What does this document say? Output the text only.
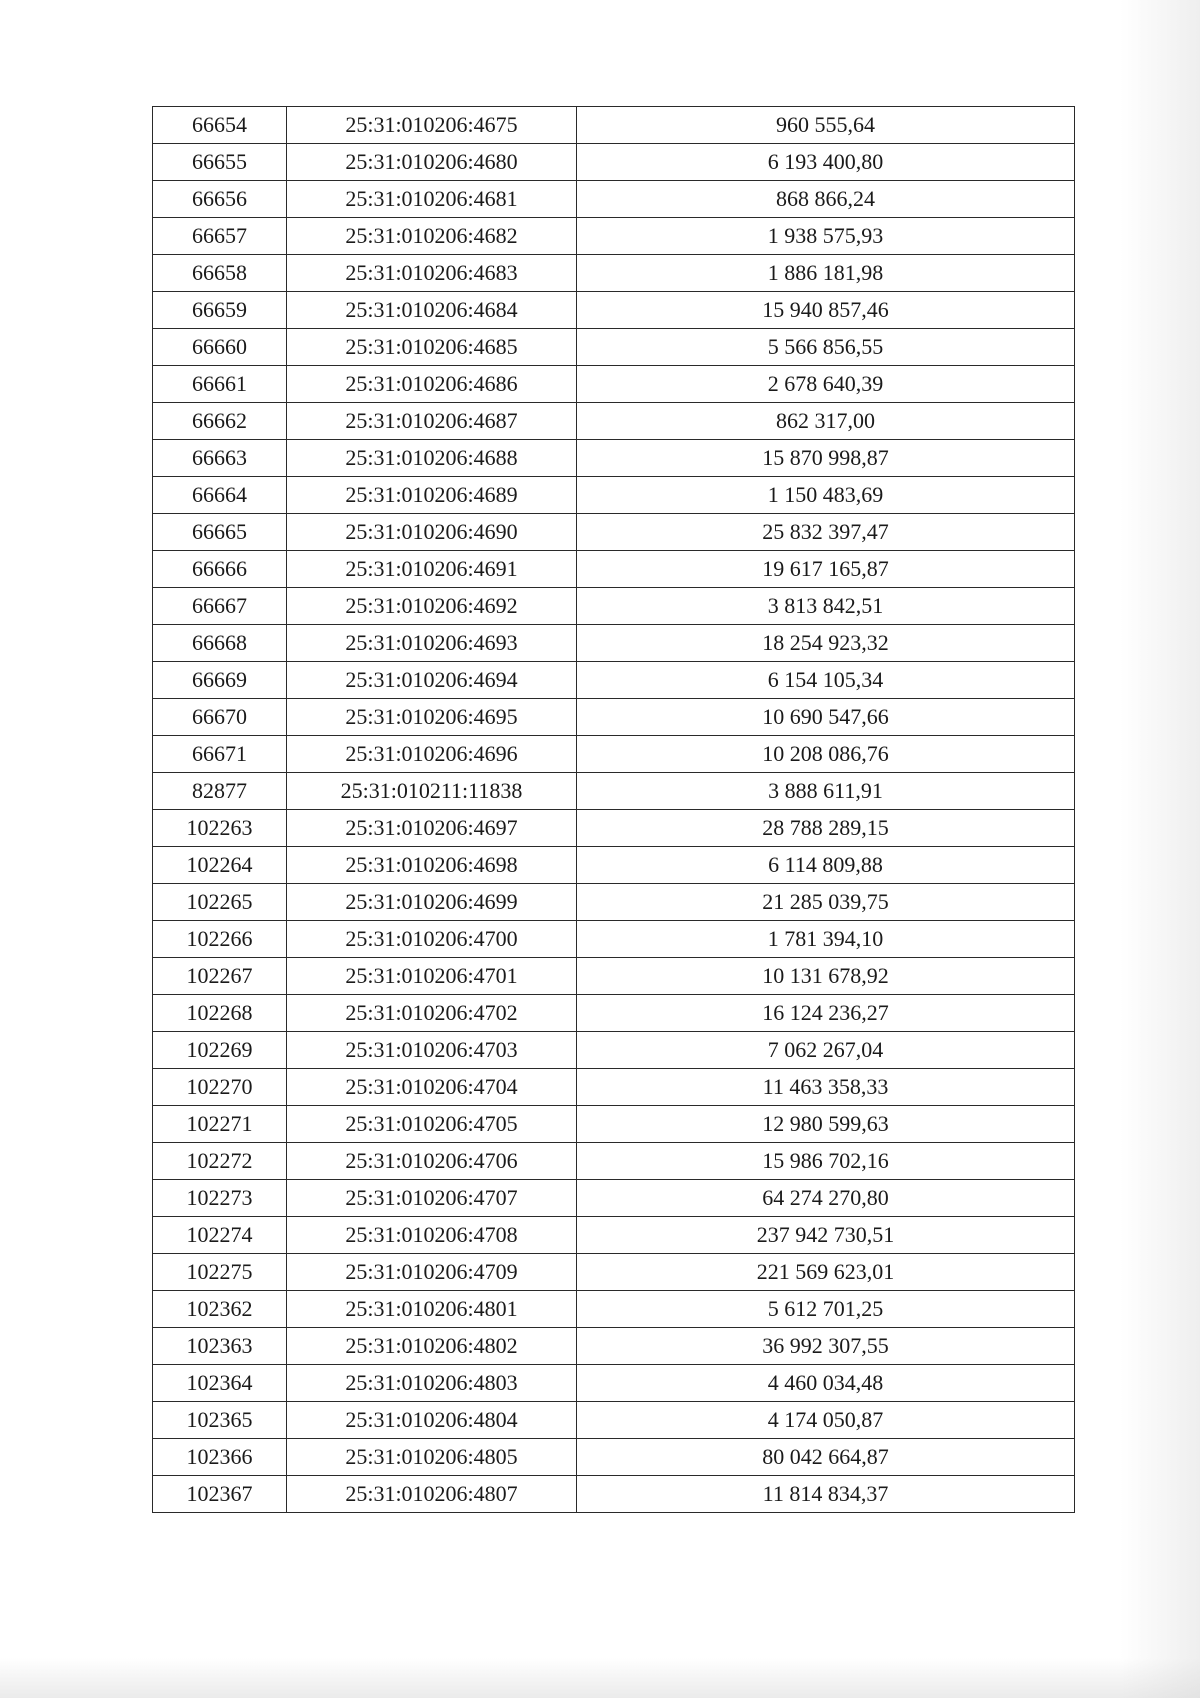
66654	25:31:010206:4675	960 555,64
66655	25:31:010206:4680	6 193 400,80
66656	25:31:010206:4681	868 866,24
66657	25:31:010206:4682	1 938 575,93
66658	25:31:010206:4683	1 886 181,98
66659	25:31:010206:4684	15 940 857,46
66660	25:31:010206:4685	5 566 856,55
66661	25:31:010206:4686	2 678 640,39
66662	25:31:010206:4687	862 317,00
66663	25:31:010206:4688	15 870 998,87
66664	25:31:010206:4689	1 150 483,69
66665	25:31:010206:4690	25 832 397,47
66666	25:31:010206:4691	19 617 165,87
66667	25:31:010206:4692	3 813 842,51
66668	25:31:010206:4693	18 254 923,32
66669	25:31:010206:4694	6 154 105,34
66670	25:31:010206:4695	10 690 547,66
66671	25:31:010206:4696	10 208 086,76
82877	25:31:010211:11838	3 888 611,91
102263	25:31:010206:4697	28 788 289,15
102264	25:31:010206:4698	6 114 809,88
102265	25:31:010206:4699	21 285 039,75
102266	25:31:010206:4700	1 781 394,10
102267	25:31:010206:4701	10 131 678,92
102268	25:31:010206:4702	16 124 236,27
102269	25:31:010206:4703	7 062 267,04
102270	25:31:010206:4704	11 463 358,33
102271	25:31:010206:4705	12 980 599,63
102272	25:31:010206:4706	15 986 702,16
102273	25:31:010206:4707	64 274 270,80
102274	25:31:010206:4708	237 942 730,51
102275	25:31:010206:4709	221 569 623,01
102362	25:31:010206:4801	5 612 701,25
102363	25:31:010206:4802	36 992 307,55
102364	25:31:010206:4803	4 460 034,48
102365	25:31:010206:4804	4 174 050,87
102366	25:31:010206:4805	80 042 664,87
102367	25:31:010206:4807	11 814 834,37
